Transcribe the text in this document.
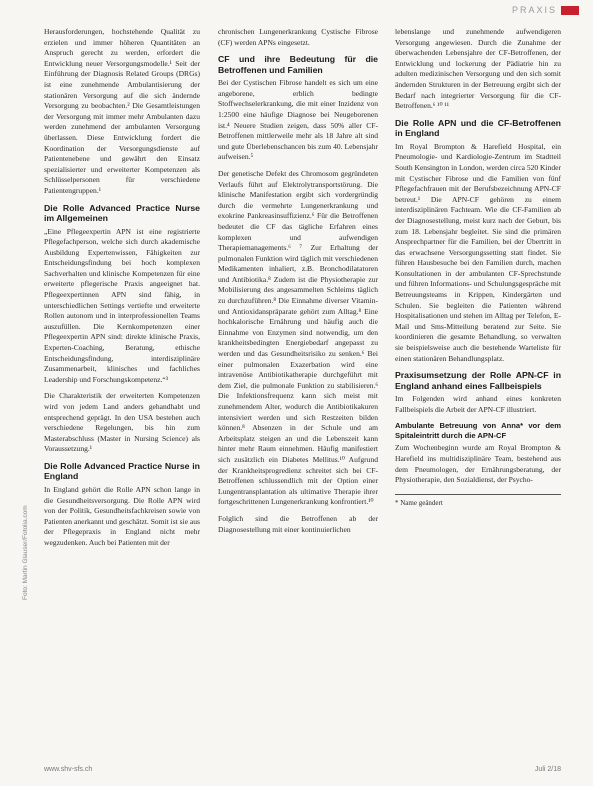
PRAXIS

Herausforderungen, hochstehende Qualität zu erzielen und immer höheren Quantitäten an Anspruch gerecht zu werden, erfordert die Entwicklung neuer Versorgungsmodelle.¹ Seit der Einführung der Diagnosis Related Groups (DRGs) ist eine zunehmende Ambulantisierung der stationären Versorgung auf die sich ändernde Versorgung zu beobachten.² Die Gesamtleistungen der Versorgung mit immer mehr Ambulanten dazu werden zunehmend der ambulanten Versorgung überlassen. Diese Entwicklung fordert die Koordination der Versorgungsdienste auf Patientenebene und gewährt den Einsatz spezialisierter und erweiterter Kompetenzen als Schlüsselpersonen für verschiedene Patientengruppen.¹

Die Rolle Advanced Practice Nurse im Allgemeinen

„Eine Pflegeexpertin APN ist eine registrierte Pflegefachperson, welche sich durch akademische Ausbildung Expertenwissen, Fähigkeiten zur Entscheidungsfindung bei hoch komplexen Sachverhalten und klinische Kompetenzen für eine erweiterte pflegerische Praxis angeeignet hat. Pflegeexpertinnen APN sind fähig, in unterschiedlichen Settings vertiefte und erweiterte Rollen autonom und in interprofessionellen Teams auszufüllen. Die Kernkompetenzen einer Pflegeexpertin APN sind: direkte klinische Praxis, Experten-Coaching, Beratung, ethische Entscheidungsfindung, interdisziplinäre Zusammenarbeit, klinisches und fachliches Leadership und Forschungskompetenz.“³

Die Charakteristik der erweiterten Kompetenzen wird von jedem Land anders gehandhabt und entsprechend geprägt. In den USA bestehen auch verschiedene Regelungen, bis hin zum Masterabschluss (Master in Nursing Science) als Voraussetzung.¹

Die Rolle Advanced Practice Nurse in England

In England gehört die Rolle APN schon lange in die Gesundheitsversorgung. Die Rolle APN wird von der Politik, Gesundheitsfachkreisen sowie von Patienten anerkannt und geschätzt. Somit ist sie aus der Pflegepraxis in England nicht mehr wegzudenken. Auch bei Patienten mit der

chronischen Lungenerkrankung Cystische Fibrose (CF) werden APNs eingesetzt.

CF und ihre Bedeutung für die Betroffenen und Familien

Bei der Cystischen Fibrose handelt es sich um eine angeborene, erblich bedingte Stoffwechselerkrankung, die mit einer Inzidenz von 1:2500 eine häufige Diagnose bei Neugeborenen ist.⁴ Neuere Studien zeigen, dass 50% aller CF-Betroffenen mittlerweile mehr als 18 Jahre alt sind und gute Überlebenschancen bis zum 40. Lebensjahr aufweisen.⁵

Der genetische Defekt des Chromosom gegründeten Verlaufs führt auf Elektrolytransportstörung. Die klinische Manifestation ergibt sich vordergründig durch die vermehrte Lungenerkrankung und exokrine Pankreasinsuffizienz.⁶ Für die Betroffenen bedeutet die CF das tägliche Erfahren eines komplexen und aufwendigen Therapiemanagements.⁶ ⁷ Zur Erhaltung der pulmonalen Funktion wird täglich mit verschiedenen Medikamenten inhaliert, z.B. Bronchodilatatoren und Antibiotika.⁸ Zudem ist die Physiotherapie zur Mobilisierung des angesammelten Schleims täglich zu durchzuführen.⁸ Die Einnahme diverser Vitamin- und Antioxidanspräparate gehört zum Alltag.⁸ Eine hochkalorische Ernährung und häufig auch die Einnahme von Enzymen sind notwendig, um den krankheitsbedingten Energiebedarf angepasst zu werden und das Gesundheitsrisiko zu senken.⁶ Bei einer pulmonalen Exazerbation wird eine intravenöse Antibiotikatherapie durchgeführt mit dem Ziel, die pulmonale Funktion zu stabilisieren.⁶ Die Infektionsfrequenz kann sich meist mit zunehmendem Alter, wodurch die Antibiotikakuren intensiviert werden und sich Restzeiten bilden können.⁸ Absenzen in der Schule und am Arbeitsplatz steigen an und die Lebenszeit kann hinter mehr Raum einnehmen. Häufig manifestiert sich zusätzlich ein Diabetes Mellitus.¹⁰ Aufgrund der Krankheitsprogredienz schreitet sich bei CF-Betroffenen schlussendlich mit der Option einer Lungentransplantation als ultimative Therapie ihrer fortgeschrittenen Lungenerkrankung konfrontiert.¹⁰

Folglich sind die Betroffenen ab der Diagnosestellung mit einer kontinuierlichen

lebenslange und zunehmende aufwendigeren Versorgung angewiesen. Durch die Zunahme der überwachenden Lebensjahre der CF-Betroffenen, der Entwicklung und lockerung der Pädiatrie hin zu adulten medizinischen Versorgung und den sich somit ändernden Strukturen in der Betreuung ergibt sich der Bedarf nach integrierter Versorgung für die CF-Betroffenen.⁶ ¹⁰ ¹¹

Die Rolle APN und die CF-Betroffenen in England

Im Royal Brompton & Harefield Hospital, ein Pneumologie- und Kardiologie-Zentrum im Stadtteil South Kensington in London, werden circa 520 Kinder mit Cystischer Fibrose und die Familien von fünf Pflegefachfrauen mit der Berufsbezeichnung APN-CF betreut.¹ Die APN-CF gehören zu einem interdisziplinären Fachteam. Wie die CF-Familien ab der Diagnosestellung, meist kurz nach der Geburt, bis zum 18. Lebensjahr begleitet. Sie sind die primären Ansprechpartner für die Familien, bei der Übertritt in das erwachsene Versorgungssetting statt findet. Sie führen Hausbesuche bei den Familien durch, machen Konsultationen in der ambulanten CF-Sprechstunde und führen Informations- und Schulungsgespräche mit Betreuungsteams in Krippen, Kindergärten und Schulen. Sie begleiten die Patienten während Hospitalisationen und stehen im Alltag per Telefon, E-Mail und Sms-Mitteilung beratend zur Seite. Sie koordinieren die gesamte Behandlung, so verwalten sie beispielsweise auch die bestehende Warteliste für einen stationären Behandlungsplatz.

Praxisumsetzung der Rolle APN-CF in England anhand eines Fallbeispiels

Im Folgenden wird anhand eines konkreten Fallbeispiels die Arbeit der APN-CF illustriert.

Ambulante Betreuung von Anna* vor dem Spitaleintritt durch die APN-CF

Zum Wochenbeginn wurde am Royal Brompton & Harefield ins multidisziplinäre Team, bestehend aus dem Pneumologen, der Ernährungsberatung, der Physiotherapie, den Sozialdienst, der Psycho-

* Name geändert
Foto: Martin Glauser/Fotolia.com
www.shv-sfs.ch	Juli 2/18
